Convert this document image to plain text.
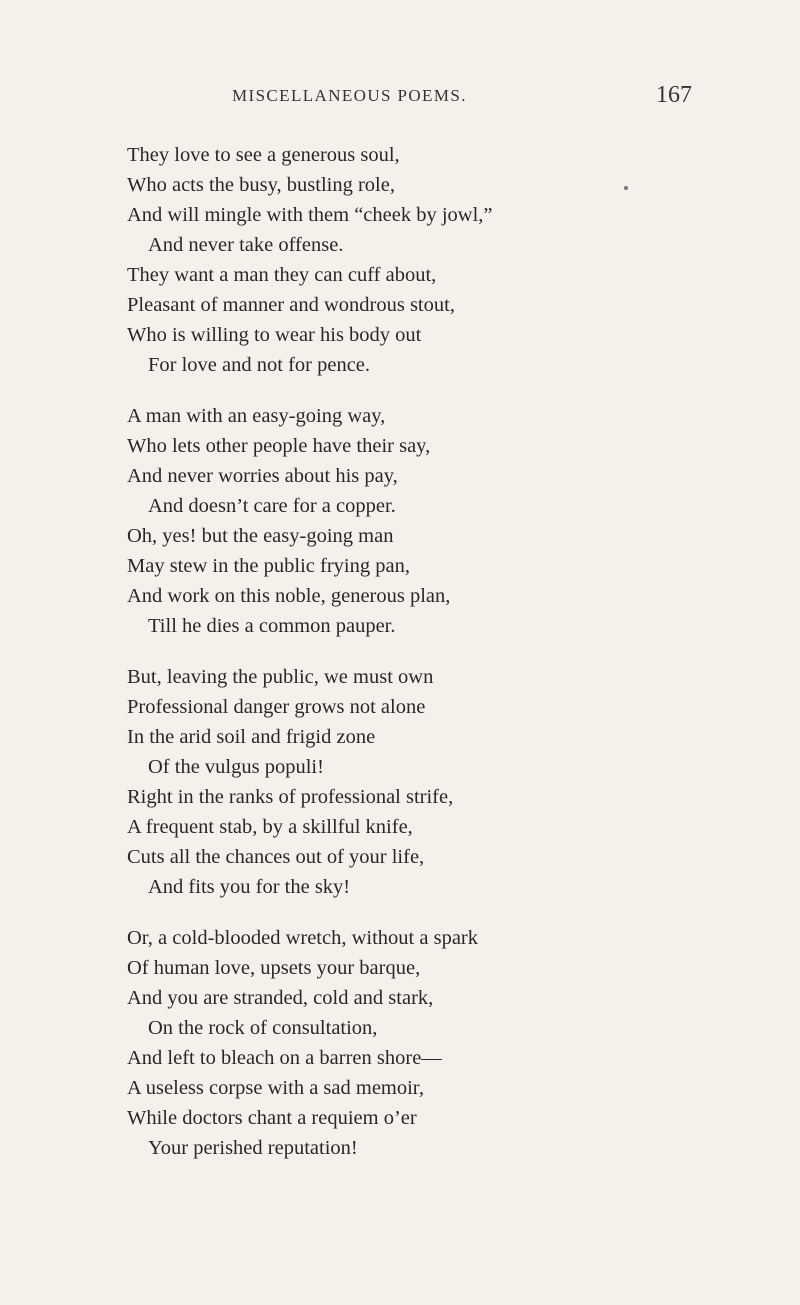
MISCELLANEOUS POEMS.	167
They love to see a generous soul,
Who acts the busy, bustling role,
And will mingle with them “cheek by jowl,”
And never take offense.
They want a man they can cuff about,
Pleasant of manner and wondrous stout,
Who is willing to wear his body out
For love and not for pence.
A man with an easy-going way,
Who lets other people have their say,
And never worries about his pay,
And doesn’t care for a copper.
Oh, yes! but the easy-going man
May stew in the public frying pan,
And work on this noble, generous plan,
Till he dies a common pauper.
But, leaving the public, we must own
Professional danger grows not alone
In the arid soil and frigid zone
Of the vulgus populi!
Right in the ranks of professional strife,
A frequent stab, by a skillful knife,
Cuts all the chances out of your life,
And fits you for the sky!
Or, a cold-blooded wretch, without a spark
Of human love, upsets your barque,
And you are stranded, cold and stark,
On the rock of consultation,
And left to bleach on a barren shore—
A useless corpse with a sad memoir,
While doctors chant a requiem o’er
Your perished reputation!
